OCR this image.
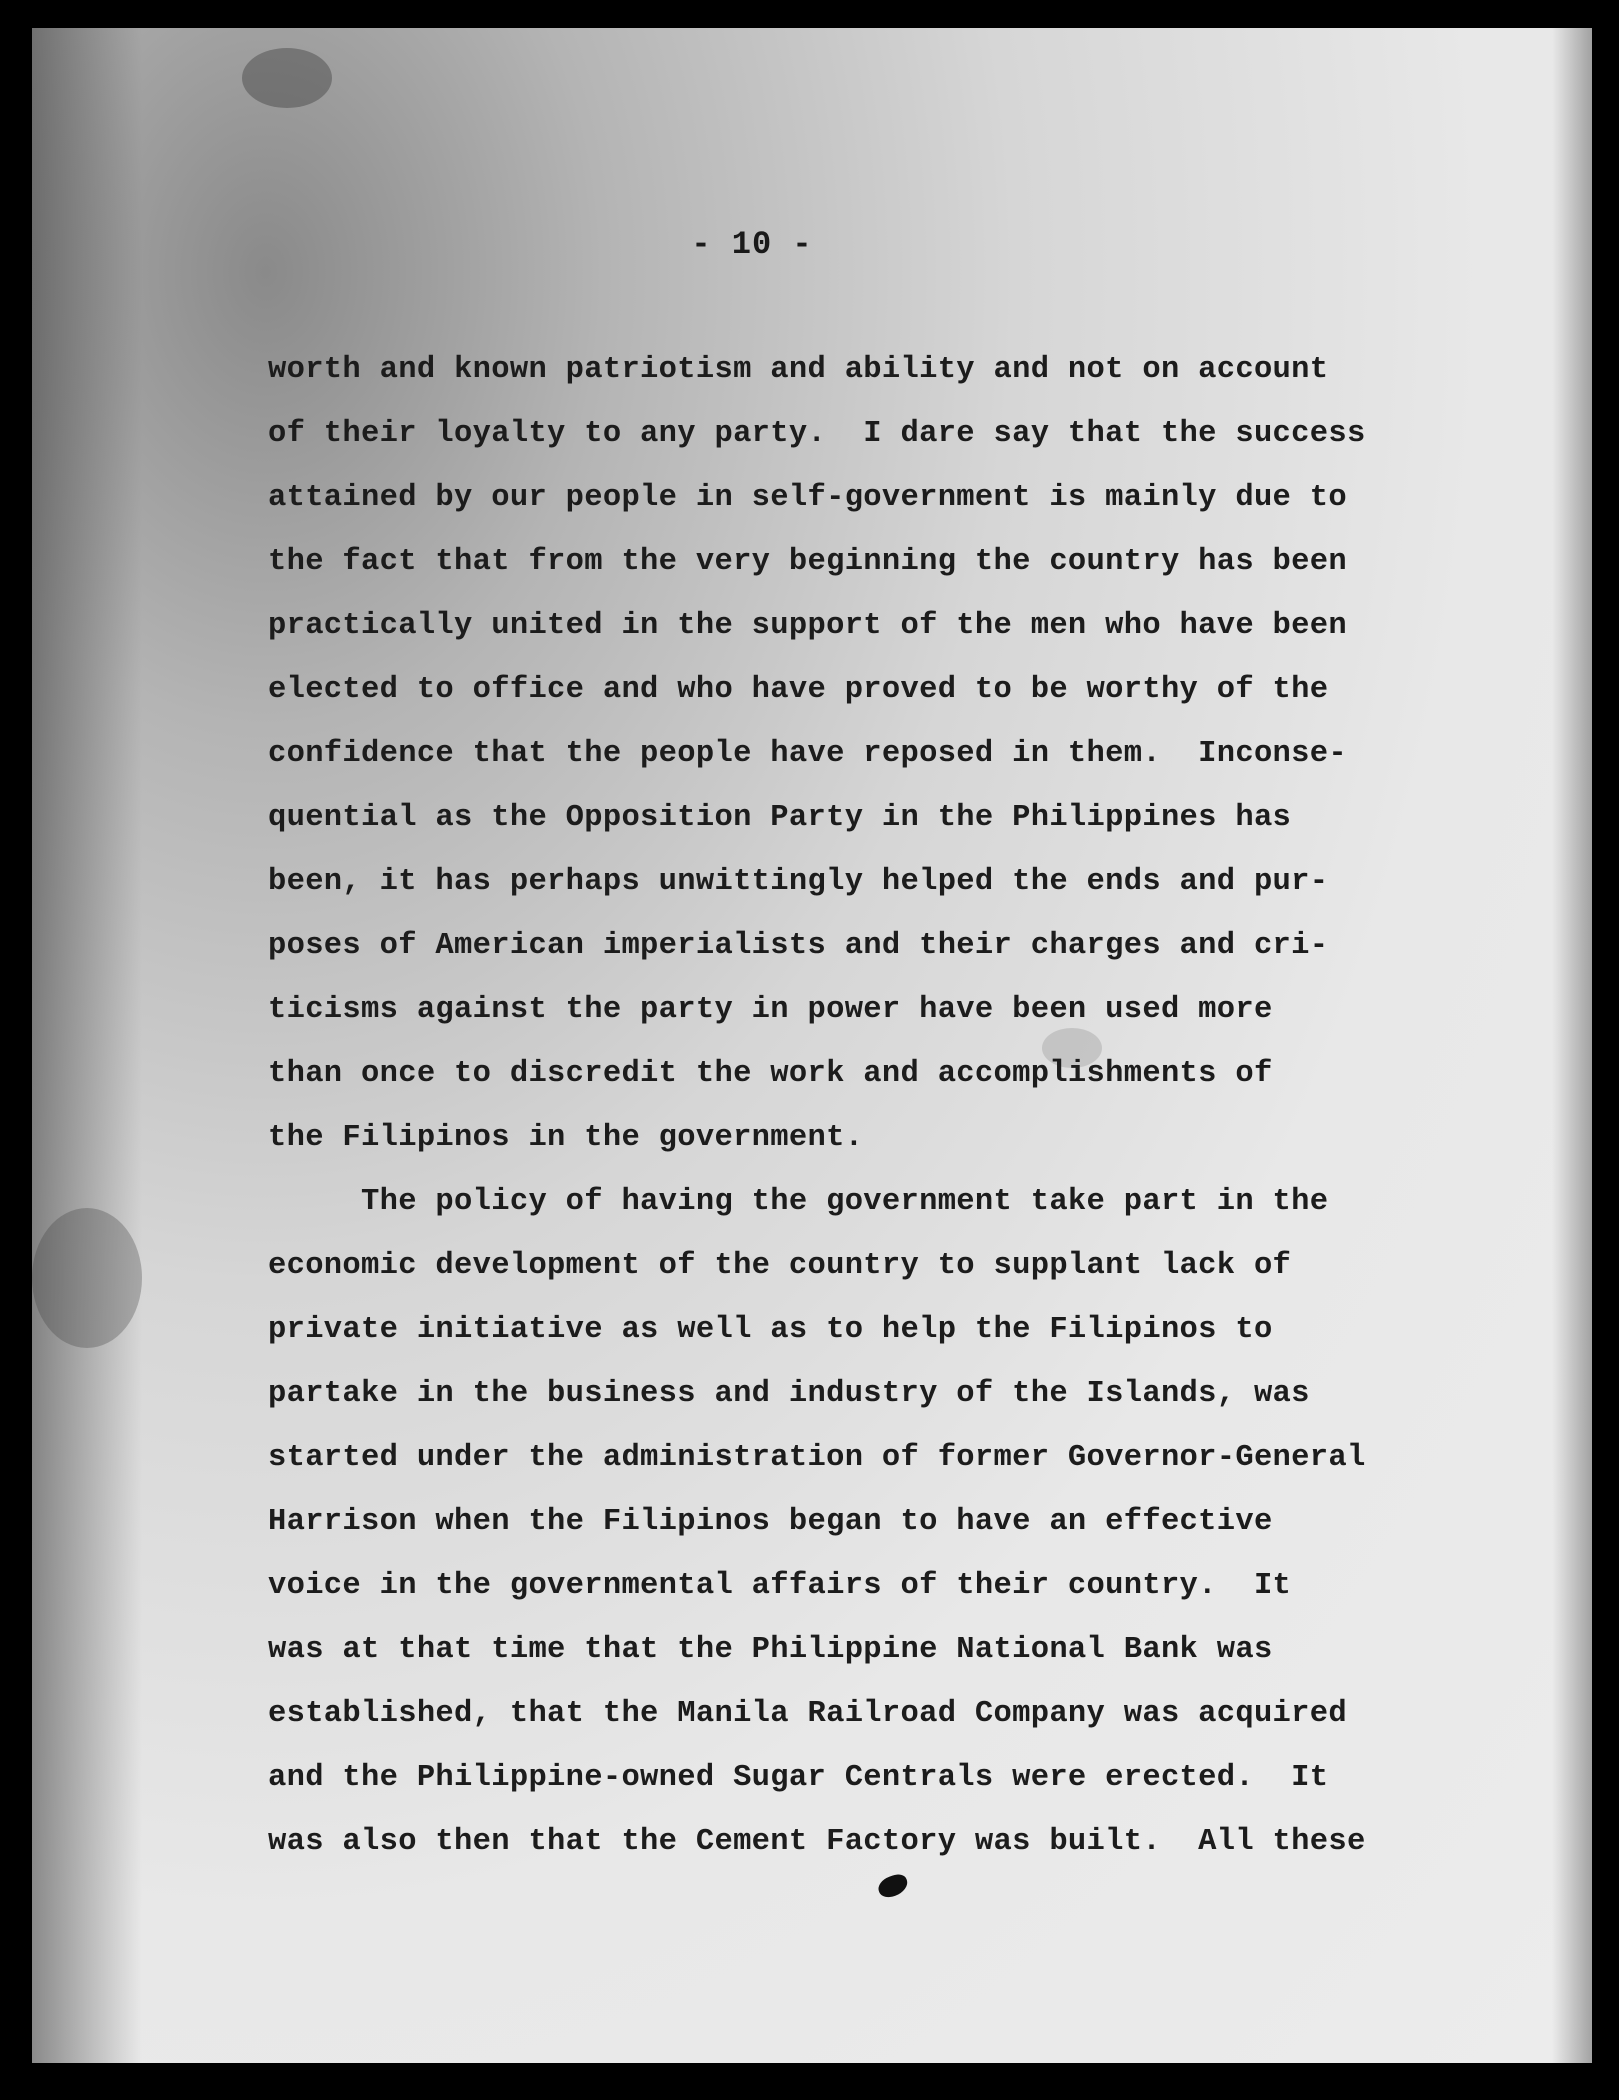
- 10 -
worth and known patriotism and ability and not on account
of their loyalty to any party.  I dare say that the success
attained by our people in self-government is mainly due to
the fact that from the very beginning the country has been
practically united in the support of the men who have been
elected to office and who have proved to be worthy of the
confidence that the people have reposed in them.  Inconse-
quential as the Opposition Party in the Philippines has
been, it has perhaps unwittingly helped the ends and pur-
poses of American imperialists and their charges and cri-
ticisms against the party in power have been used more
than once to discredit the work and accomplishments of
the Filipinos in the government.
The policy of having the government take part in the
economic development of the country to supplant lack of
private initiative as well as to help the Filipinos to
partake in the business and industry of the Islands, was
started under the administration of former Governor-General
Harrison when the Filipinos began to have an effective
voice in the governmental affairs of their country.  It
was at that time that the Philippine National Bank was
established, that the Manila Railroad Company was acquired
and the Philippine-owned Sugar Centrals were erected.  It
was also then that the Cement Factory was built.  All these
